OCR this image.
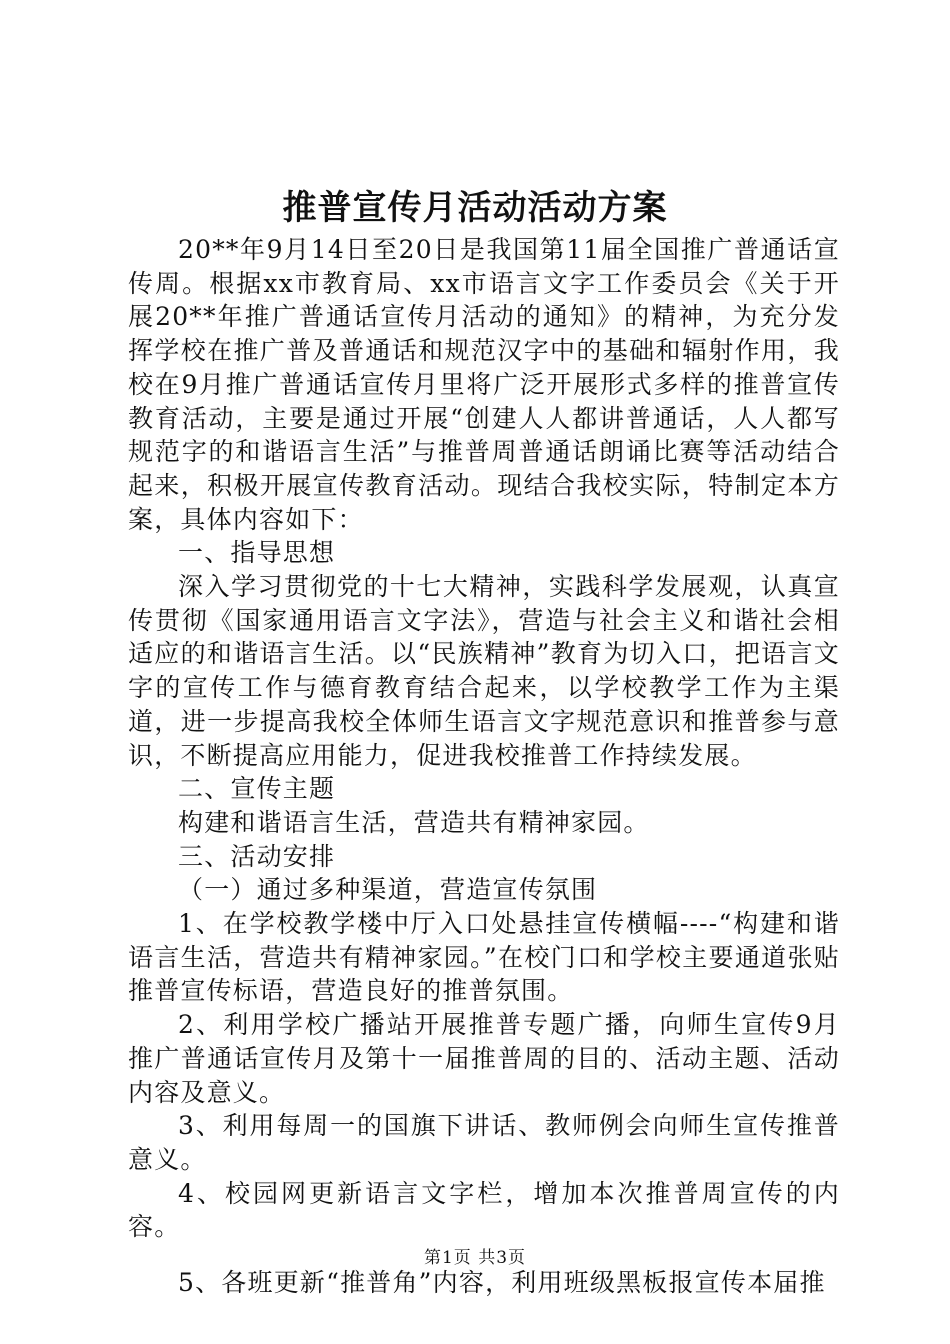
推普宣传月活动活动方案

20**年9月14日至20日是我国第11届全国推广普通话宣传周。根据xx市教育局、xx市语言文字工作委员会《关于开展20**年推广普通话宣传月活动的通知》的精神，为充分发挥学校在推广普及普通话和规范汉字中的基础和辐射作用，我校在9月推广普通话宣传月里将广泛开展形式多样的推普宣传教育活动，主要是通过开展“创建人人都讲普通话，人人都写规范字的和谐语言生活”与推普周普通话朗诵比赛等活动结合起来，积极开展宣传教育活动。现结合我校实际，特制定本方案，具体内容如下：

一、指导思想

深入学习贯彻党的十七大精神，实践科学发展观，认真宣传贯彻《国家通用语言文字法》，营造与社会主义和谐社会相适应的和谐语言生活。以“民族精神”教育为切入口，把语言文字的宣传工作与德育教育结合起来，以学校教学工作为主渠道，进一步提高我校全体师生语言文字规范意识和推普参与意识，不断提高应用能力，促进我校推普工作持续发展。

二、宣传主题

构建和谐语言生活，营造共有精神家园。

三、活动安排

（一）通过多种渠道，营造宣传氛围

1、在学校教学楼中厅入口处悬挂宣传横幅----“构建和谐语言生活，营造共有精神家园。”在校门口和学校主要通道张贴推普宣传标语，营造良好的推普氛围。

2、利用学校广播站开展推普专题广播，向师生宣传9月推广普通话宣传月及第十一届推普周的目的、活动主题、活动内容及意义。

3、利用每周一的国旗下讲话、教师例会向师生宣传推普意义。

4、校园网更新语言文字栏，增加本次推普周宣传的内容。

5、各班更新“推普角”内容，利用班级黑板报宣传本届推

第1页 共3页
